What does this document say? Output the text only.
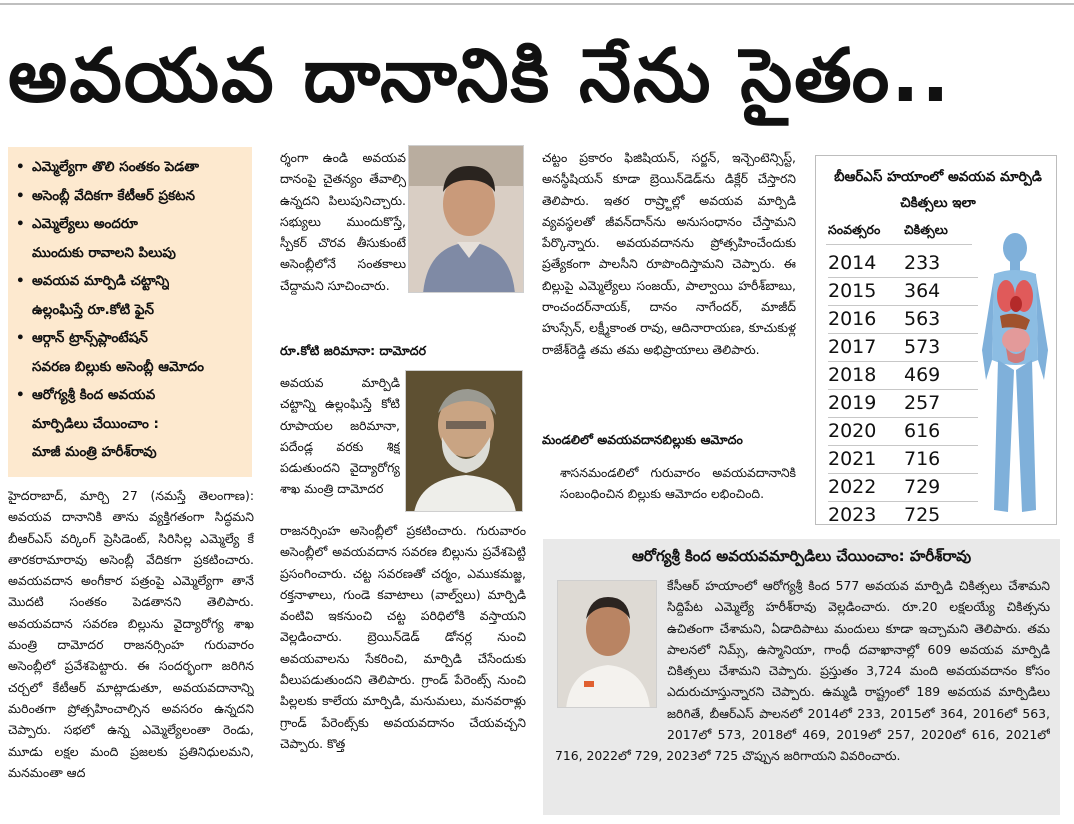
అవయవ దానానికి నేను సైతం..
• ఎమ్మెల్యేగా తొలి సంతకం పెడతా
• అసెంబ్లీ వేదికగా కేటీఆర్ ప్రకటన
• ఎమ్మెల్యేలు అందరూ
ముందుకు రావాలని పిలుపు
• అవయవ మార్పిడి చట్టాన్ని
ఉల్లంఘిస్తే రూ.కోటి ఫైన్
• ఆర్గాన్ ట్రాన్స్‌ప్లాంటేషన్
సవరణ బిల్లుకు అసెంబ్లీ ఆమోదం
• ఆరోగ్యశ్రీ కింద అవయవ
మార్పిడిలు చేయించాం :
మాజీ మంత్రి హరీశ్‌రావు
హైదరాబాద్, మార్చి 27 (నమస్తే తెలంగాణ): అవయవ దానానికి తాను వ్యక్తిగతంగా సిద్ధమని బీఆర్‌ఎస్ వర్కింగ్ ప్రెసిడెంట్, సిరిసిల్ల ఎమ్మెల్యే కే తారకరామారావు అసెంబ్లీ వేదికగా ప్రకటించారు. అవయవదాన అంగీకార పత్రంపై ఎమ్మెల్యేగా తానే మొదటి సంతకం పెడతానని తెలిపారు. అవయవదాన సవరణ బిల్లును వైద్యారోగ్య శాఖ మంత్రి దామోదర రాజనర్సింహ గురువారం అసెంబ్లీలో ప్రవేశపెట్టారు. ఈ సందర్భంగా జరిగిన చర్చలో కేటీఆర్ మాట్లాడుతూ, అవయవదానాన్ని మరింతగా ప్రోత్సహించాల్సిన అవసరం ఉన్నదని చెప్పారు. సభలో ఉన్న ఎమ్మెల్యేలంతా రెండు, మూడు లక్షల మంది ప్రజలకు ప్రతినిధులమని, మనమంతా ఆద
ర్శంగా ఉండి అవయవ దానంపై చైతన్యం తేవాల్సి ఉన్నదని పిలుపునిచ్చారు. సభ్యులు ముందుకొస్తే, స్పీకర్ చొరవ తీసుకుంటే అసెంబ్లీలోనే సంతకాలు చేద్దామని సూచించారు.
రూ.కోటి జరిమానా: దామోదర
అవయవ మార్పిడి చట్టాన్ని ఉల్లంఘిస్తే కోటి రూపాయల జరిమానా, పదేండ్ల వరకు శిక్ష పడుతుందని వైద్యారోగ్య శాఖ మంత్రి దామోదర
రాజనర్సింహ అసెంబ్లీలో ప్రకటించారు. గురువారం అసెంబ్లీలో అవయవదాన సవరణ బిల్లును ప్రవేశపెట్టి ప్రసంగించారు. చట్ట సవరణతో చర్మం, ఎముకమజ్జ, రక్తనాళాలు, గుండె కవాటాలు (వాల్వ్‌లు) మార్పిడి వంటివి ఇకనుంచి చట్ట పరిధిలోకి వస్తాయని వెల్లడించారు. బ్రెయిన్‌డెడ్ డోనర్ల నుంచి అవయవాలను సేకరించి, మార్పిడి చేసేందుకు వీలుపడుతుందని తెలిపారు. గ్రాండ్ పేరెంట్స్ నుంచి పిల్లలకు కాలేయ మార్పిడి, మనుమలు, మనవరాళ్లు గ్రాండ్ పేరెంట్స్‌కు అవయవదానం చేయవచ్చని చెప్పారు. కొత్త
చట్టం ప్రకారం ఫిజిషియన్, సర్జన్, ఇన్చెంటెన్సిస్ట్, అనస్థీషియన్ కూడా బ్రెయిన్‌డెడ్‌ను డిక్లేర్ చేస్తారని తెలిపారు. ఇతర రాష్ర్టాల్లో అవయవ మార్పిడి వ్యవస్థలతో జీవన్‌దాన్‌ను అనుసంధానం చేస్తామని పేర్కొన్నారు. అవయవదానను ప్రోత్సహించేందుకు ప్రత్యేకంగా పాలసీని రూపొందిస్తామని చెప్పారు. ఈ బిల్లుపై ఎమ్మెల్యేలు సంజయ్, పాల్వాయి హరీశ్‌బాబు, రాంచందర్‌నాయక్, దానం నాగేందర్, మాజీద్ హుస్సేన్, లక్ష్మీకాంత రావు, ఆదినారాయణ, కూచుకుళ్ల రాజేశ్‌రెడ్డి తమ తమ అభిప్రాయాలు తెలిపారు.
మండలిలో అవయవదానబిల్లుకు ఆమోదం
శాసనమండలిలో గురువారం అవయవదానానికి సంబంధించిన బిల్లుకు ఆమోదం లభించింది.
బీఆర్‌ఎస్ హయాంలో అవయవ మార్పిడి చికిత్సలు ఇలా
సంవత్సరం చికిత్సలు
2014	233
2015	364
2016	563
2017	573
2018	469
2019	257
2020	616
2021	716
2022	729
2023	725
ఆరోగ్యశ్రీ కింద అవయవమార్పిడిలు చేయించాం: హరీశ్‌రావు
కేసీఆర్ హయాంలో ఆరోగ్యశ్రీ కింద 577 అవయవ మార్పిడి చికిత్సలు చేశామని సిద్దిపేట ఎమ్మెల్యే హరీశ్‌రావు వెల్లడించారు. రూ.20 లక్షలయ్యే చికిత్సను ఉచితంగా చేశామని, ఏడాదిపాటు మందులు కూడా ఇచ్చామని తెలిపారు. తమ పాలనలో నిమ్స్, ఉస్మానియా, గాంధీ దవాఖానాల్లో 609 అవయవ మార్పిడి చికిత్సలు చేశామని చెప్పారు. ప్రస్తుతం 3,724 మంది అవయవదానం కోసం ఎదురుచూస్తున్నారని చెప్పారు. ఉమ్మడి రాష్ట్రంలో 189 అవయవ మార్పిడిలు జరిగితే, బీఆర్‌ఎస్ పాలనలో 2014లో 233, 2015లో 364, 2016లో 563, 2017లో 573, 2018లో 469, 2019లో 257, 2020లో 616, 2021లో 716, 2022లో 729, 2023లో 725 చొప్పున జరిగాయని వివరించారు.
